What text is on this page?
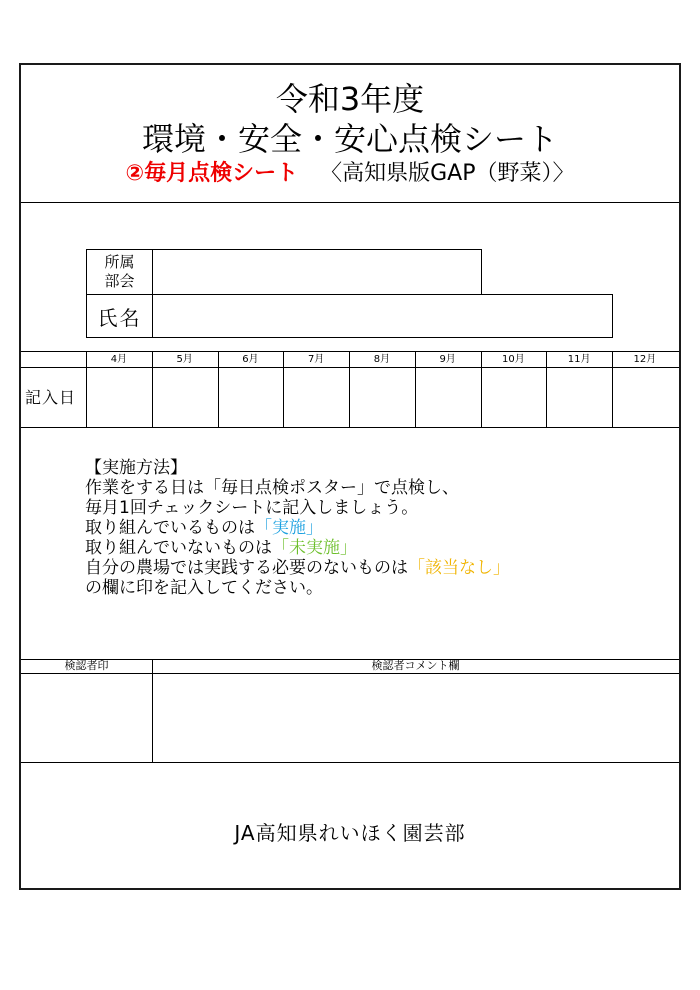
令和3年度
環境・安全・安心点検シート
②毎月点検シート 〈高知県版GAP（野菜）〉
所属部会
氏名
4月	5月	6月	7月	8月	9月	10月	11月	12月
記入日
【実施方法】
作業をする日は「毎日点検ポスター」で点検し、
毎月1回チェックシートに記入しましょう。
取り組んでいるものは「実施」
取り組んでいないものは「未実施」
自分の農場では実践する必要のないものは「該当なし」
の欄に印を記入してください。
検認者印	検認者コメント欄
JA高知県れいほく園芸部
